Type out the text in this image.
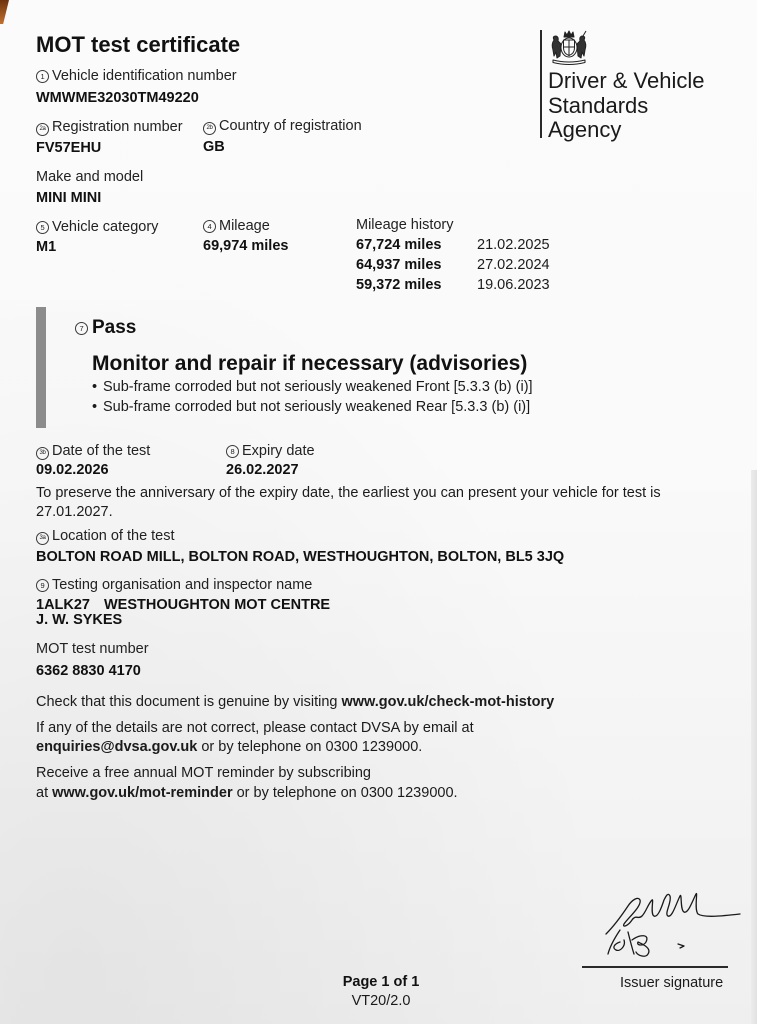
MOT test certificate
Driver & Vehicle
Standards
Agency
1 Vehicle identification number
WMWME32030TM49220
2a Registration number
FV57EHU
2b Country of registration
GB
Make and model
MINI MINI
5 Vehicle category
M1
4 Mileage
69,974 miles
Mileage history
67,724 miles 21.02.2025
64,937 miles 27.02.2024
59,372 miles 19.06.2023
7 Pass
Monitor and repair if necessary (advisories)
• Sub-frame corroded but not seriously weakened Front [5.3.3 (b) (i)]
• Sub-frame corroded but not seriously weakened Rear [5.3.3 (b) (i)]
3b Date of the test
09.02.2026
8 Expiry date
26.02.2027
To preserve the anniversary of the expiry date, the earliest you can present your vehicle for test is 27.01.2027.
3a Location of the test
BOLTON ROAD MILL, BOLTON ROAD, WESTHOUGHTON, BOLTON, BL5 3JQ
9 Testing organisation and inspector name
1ALK27 WESTHOUGHTON MOT CENTRE
J. W. SYKES
MOT test number
6362 8830 4170
Check that this document is genuine by visiting www.gov.uk/check-mot-history
If any of the details are not correct, please contact DVSA by email at
enquiries@dvsa.gov.uk or by telephone on 0300 1239000.
Receive a free annual MOT reminder by subscribing
at www.gov.uk/mot-reminder or by telephone on 0300 1239000.
Issuer signature
Page 1 of 1
VT20/2.0
